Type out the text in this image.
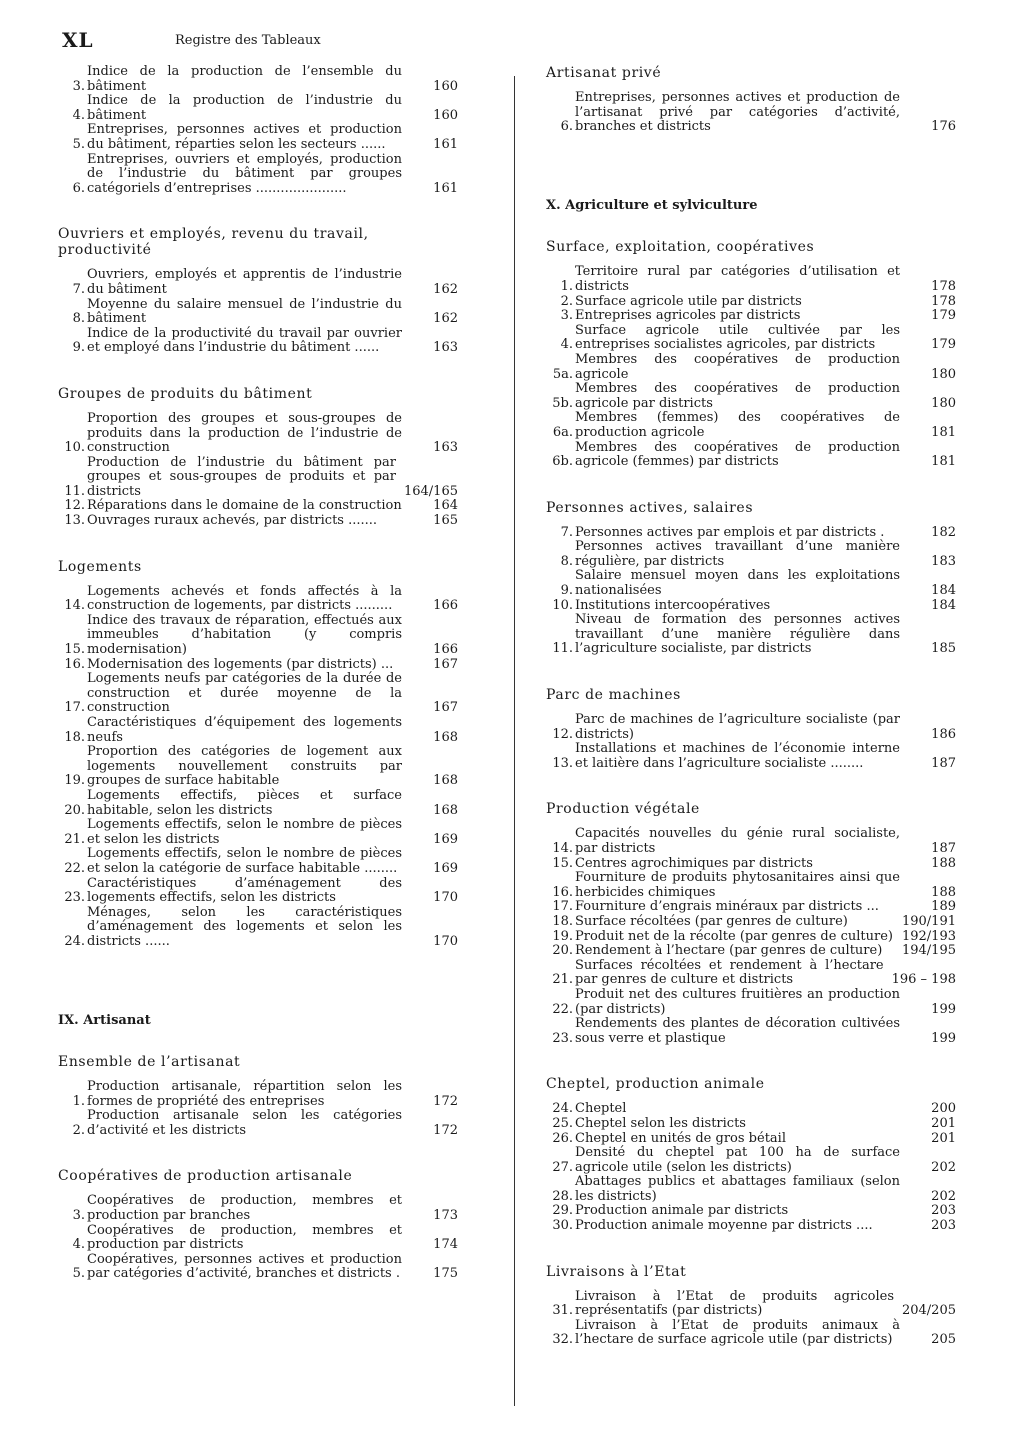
XL	Registre des Tableaux
3.
Indice de la production de l’ensemble du bâtiment	160
4.
Indice de la production de l’industrie du bâtiment	160
5.
Entreprises, personnes actives et production du bâtiment, réparties selon les secteurs ......	161
6.
Entreprises, ouvriers et employés, production de l’industrie du bâtiment par groupes catégoriels d’entreprises ......................	161
Ouvriers et employés, revenu du travail, productivité
7.
Ouvriers, employés et apprentis de l’industrie du bâtiment	162
8.
Moyenne du salaire mensuel de l’industrie du bâtiment	162
9.
Indice de la productivité du travail par ouvrier et employé dans l’industrie du bâtiment ......	163
Groupes de produits du bâtiment
10.
Proportion des groupes et sous-groupes de produits dans la production de l’industrie de construction	163
11.
Production de l’industrie du bâtiment par groupes et sous-groupes de produits et par districts	164/165
12. Réparations dans le domaine de la construction	164
13. Ouvrages ruraux achevés, par districts .......	165
Logements
14.
Logements achevés et fonds affectés à la construction de logements, par districts .........	166
15.
Indice des travaux de réparation, effectués aux immeubles d’habitation (y compris modernisation)	166
16. Modernisation des logements (par districts) ...	167
17.
Logements neufs par catégories de la durée de construction et durée moyenne de la construction	167
18.
Caractéristiques d’équipement des logements neufs	168
19.
Proportion des catégories de logement aux logements nouvellement construits par groupes de surface habitable	168
20.
Logements effectifs, pièces et surface habitable, selon les districts	168
21.
Logements effectifs, selon le nombre de pièces et selon les districts	169
22.
Logements effectifs, selon le nombre de pièces et selon la catégorie de surface habitable ........	169
23.
Caractéristiques d’aménagement des logements effectifs, selon les districts	170
24.
Ménages, selon les caractéristiques d’aménagement des logements et selon les districts ......	170
IX. Artisanat
Ensemble de l’artisanat
1.
Production artisanale, répartition selon les formes de propriété des entreprises	172
2.
Production artisanale selon les catégories d’activité et les districts	172
Coopératives de production artisanale
3.
Coopératives de production, membres et production par branches	173
4.
Coopératives de production, membres et production par districts	174
5.
Coopératives, personnes actives et production par catégories d’activité, branches et districts .	175
Artisanat privé
6.
Entreprises, personnes actives et production de l’artisanat privé par catégories d’activité, branches et districts	176
X. Agriculture et sylviculture
Surface, exploitation, coopératives
1.
Territoire rural par catégories d’utilisation et districts	178
2. Surface agricole utile par districts	178
3. Entreprises agricoles par districts	179
4.
Surface agricole utile cultivée par les entreprises socialistes agricoles, par districts	179
5a.
Membres des coopératives de production agricole	180
5b.
Membres des coopératives de production agricole par districts	180
6a.
Membres (femmes) des coopératives de production agricole	181
6b.
Membres des coopératives de production agricole (femmes) par districts	181
Personnes actives, salaires
7. Personnes actives par emplois et par districts .	182
8.
Personnes actives travaillant d’une manière régulière, par districts	183
9.
Salaire mensuel moyen dans les exploitations nationalisées	184
10. Institutions intercoopératives	184
11.
Niveau de formation des personnes actives travaillant d’une manière régulière dans l’agriculture socialiste, par districts	185
Parc de machines
12.
Parc de machines de l’agriculture socialiste (par districts)	186
13.
Installations et machines de l’économie interne et laitière dans l’agriculture socialiste ........	187
Production végétale
14.
Capacités nouvelles du génie rural socialiste, par districts	187
15. Centres agrochimiques par districts	188
16.
Fourniture de produits phytosanitaires ainsi que herbicides chimiques	188
17. Fourniture d’engrais minéraux par districts ...	189
18. Surface récoltées (par genres de culture)	190/191
19. Produit net de la récolte (par genres de culture) 192/193
20. Rendement à l’hectare (par genres de culture)	194/195
21.
Surfaces récoltées et rendement à l’hectare par genres de culture et districts	196 – 198
22.
Produit net des cultures fruitières an production (par districts)	199
23.
Rendements des plantes de décoration cultivées sous verre et plastique	199
Cheptel, production animale
24. Cheptel	200
25. Cheptel selon les districts	201
26. Cheptel en unités de gros bétail	201
27.
Densité du cheptel pat 100 ha de surface agricole utile (selon les districts)	202
28.
Abattages publics et abattages familiaux (selon les districts)	202
29. Production animale par districts	203
30. Production animale moyenne par districts ....	203
Livraisons à l’Etat
31.
Livraison à l’Etat de produits agricoles représentatifs (par districts)	204/205
32.
Livraison à l’Etat de produits animaux à l’hectare de surface agricole utile (par districts)	205
